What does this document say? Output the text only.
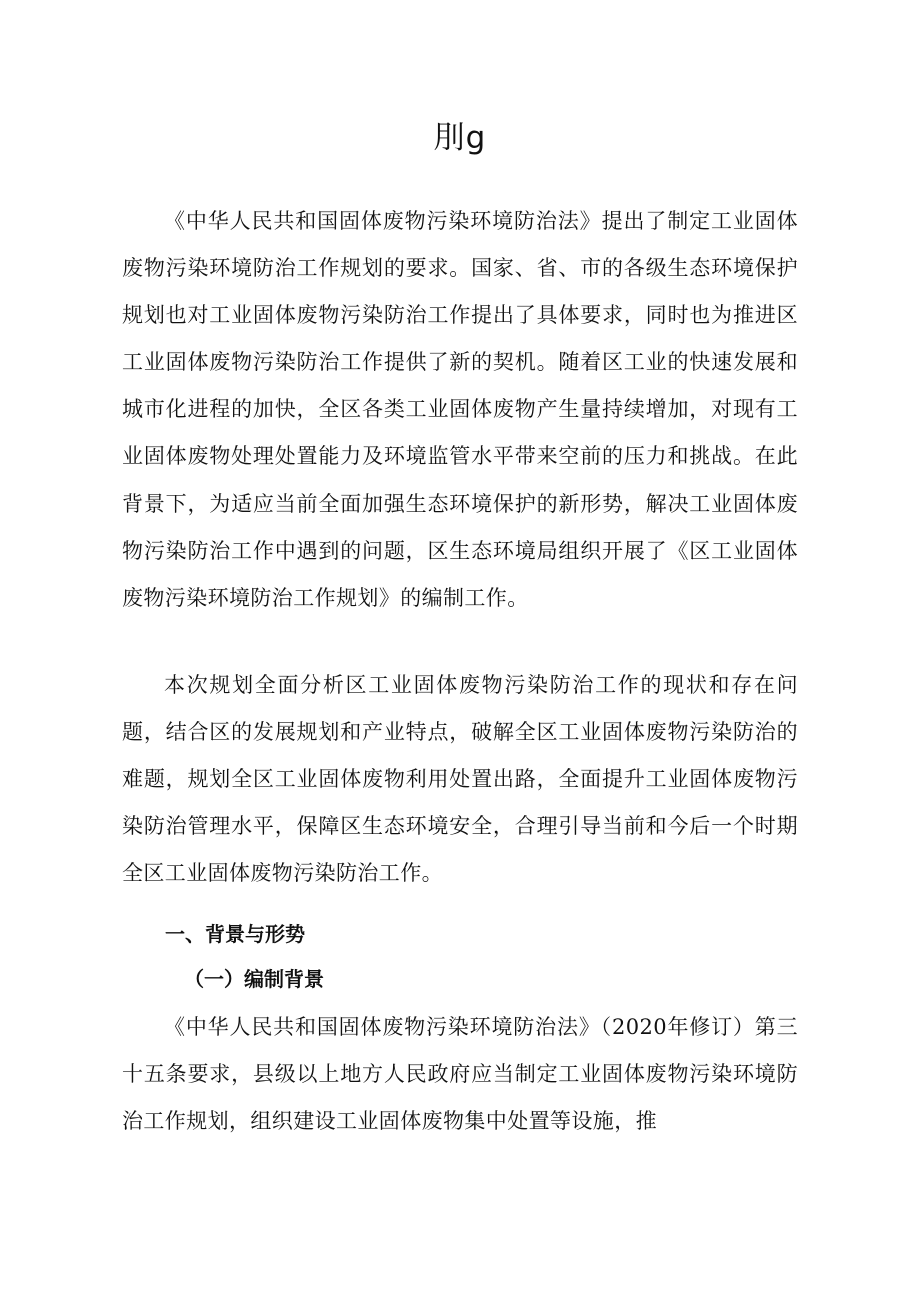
刖g

《中华人民共和国固体废物污染环境防治法》提出了制定工业固体废物污染环境防治工作规划的要求。国家、省、市的各级生态环境保护规划也对工业固体废物污染防治工作提出了具体要求，同时也为推进区工业固体废物污染防治工作提供了新的契机。随着区工业的快速发展和城市化进程的加快，全区各类工业固体废物产生量持续增加，对现有工业固体废物处理处置能力及环境监管水平带来空前的压力和挑战。在此背景下，为适应当前全面加强生态环境保护的新形势，解决工业固体废物污染防治工作中遇到的问题，区生态环境局组织开展了《区工业固体废物污染环境防治工作规划》的编制工作。

本次规划全面分析区工业固体废物污染防治工作的现状和存在问题，结合区的发展规划和产业特点，破解全区工业固体废物污染防治的难题，规划全区工业固体废物利用处置出路，全面提升工业固体废物污染防治管理水平，保障区生态环境安全，合理引导当前和今后一个时期全区工业固体废物污染防治工作。

一、背景与形势
（一）编制背景

《中华人民共和国固体废物污染环境防治法》（2020年修订）第三十五条要求，县级以上地方人民政府应当制定工业固体废物污染环境防治工作规划，组织建设工业固体废物集中处置等设施，推
